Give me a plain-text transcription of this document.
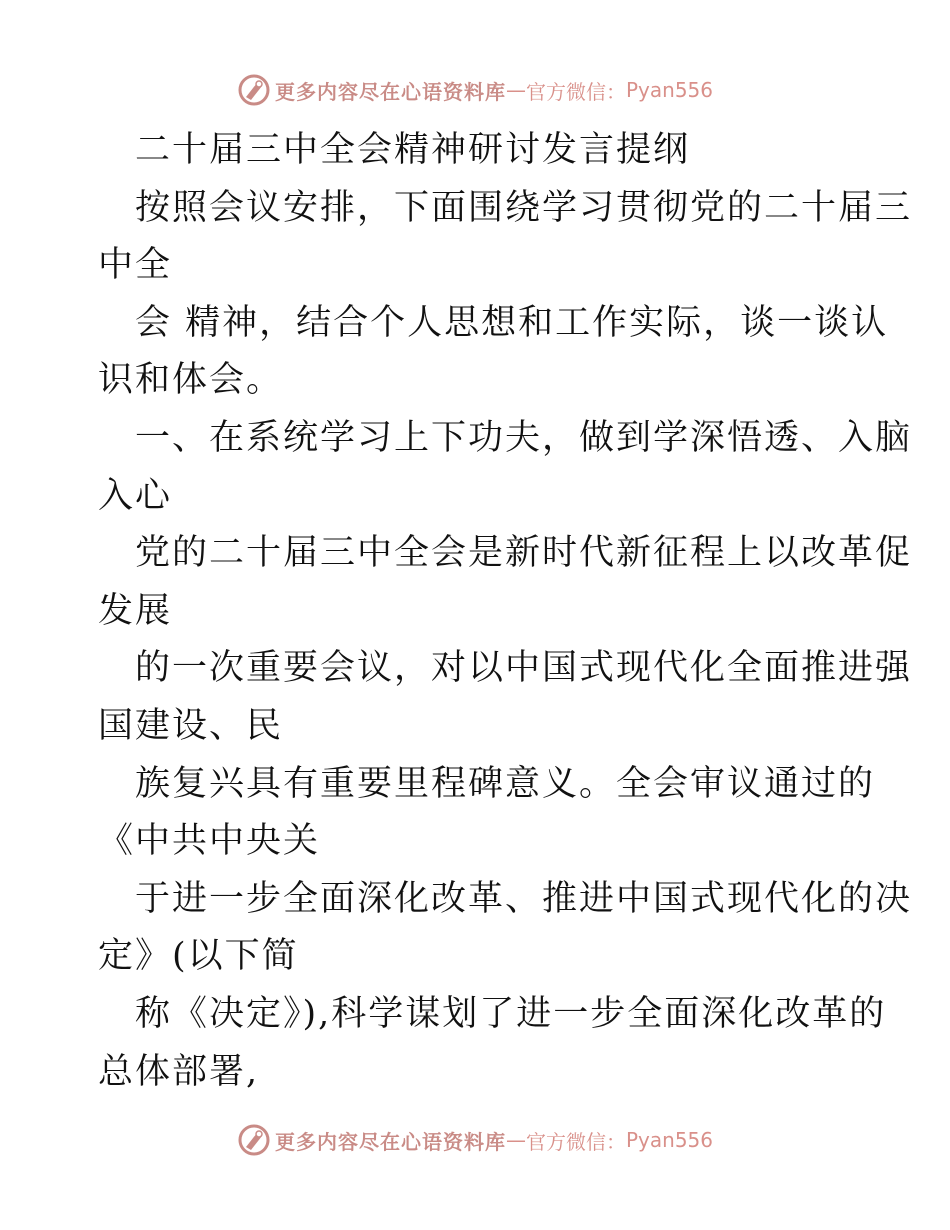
更多内容尽在心语资料库 — 官方微信： Pyan556
二十届三中全会精神研讨发言提纲
按照会议安排，下面围绕学习贯彻党的二十届三
中全
会 精神，结合个人思想和工作实际，谈一谈认
识和体会。
一、在系统学习上下功夫，做到学深悟透、入脑
入心
党的二十届三中全会是新时代新征程上以改革促
发展
的一次重要会议，对以中国式现代化全面推进强
国建设、民
族复兴具有重要里程碑意义。全会审议通过的
《中共中央关
于进一步全面深化改革、推进中国式现代化的决
定》(以下简
称《决定》),科学谋划了进一步全面深化改革的
总体部署,
更多内容尽在心语资料库 — 官方微信： Pyan556
